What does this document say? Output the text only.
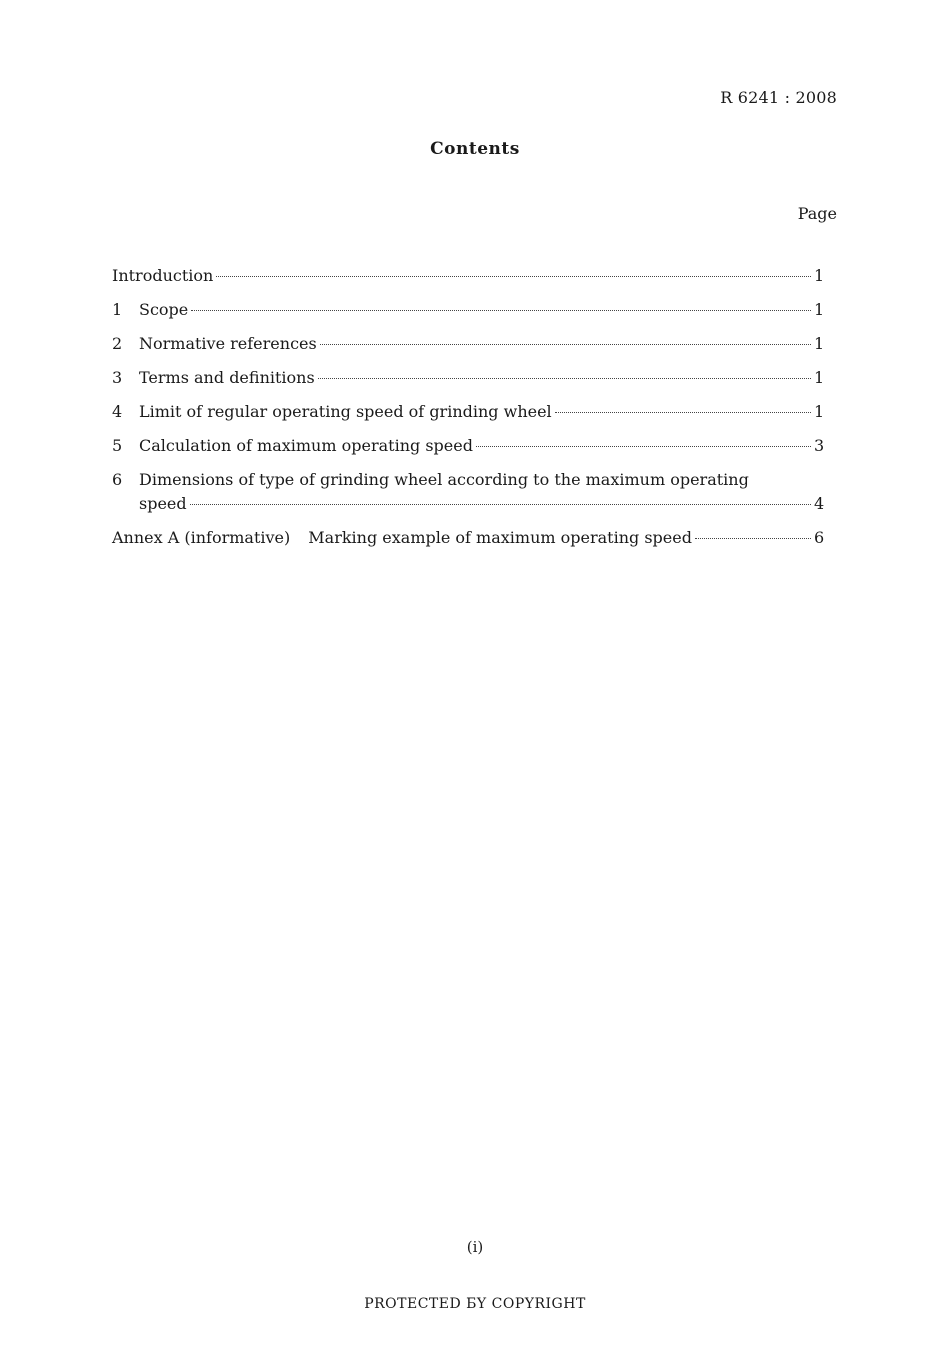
R 6241 : 2008
Contents
Page
Introduction	1
1	Scope	1
2	Normative references	1
3	Terms and definitions	1
4	Limit of regular operating speed of grinding wheel	1
5	Calculation of maximum operating speed	3
6	Dimensions of type of grinding wheel according to the maximum operating
speed	4
Annex A (informative) Marking example of maximum operating speed	6
(i)
PROTECTED БY COPYRIGHT
